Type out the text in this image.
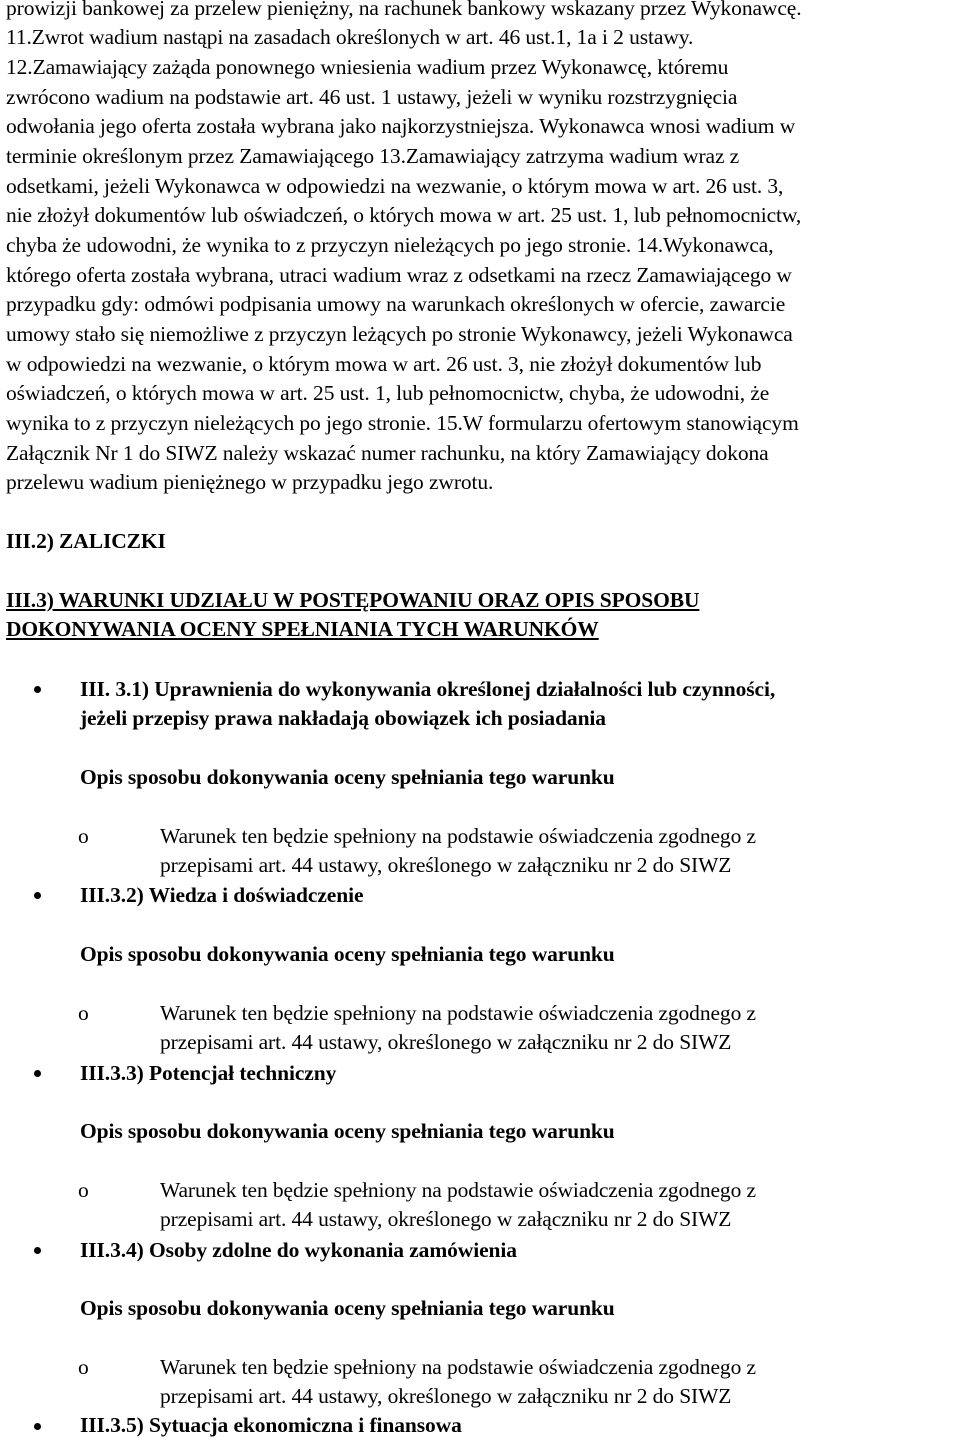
prowizji bankowej za przelew pieniężny, na rachunek bankowy wskazany przez Wykonawcę.
11.Zwrot wadium nastąpi na zasadach określonych w art. 46 ust.1, 1a i 2 ustawy.
12.Zamawiający zażąda ponownego wniesienia wadium przez Wykonawcę, któremu
zwrócono wadium na podstawie art. 46 ust. 1 ustawy, jeżeli w wyniku rozstrzygnięcia
odwołania jego oferta została wybrana jako najkorzystniejsza. Wykonawca wnosi wadium w
terminie określonym przez Zamawiającego 13.Zamawiający zatrzyma wadium wraz z
odsetkami, jeżeli Wykonawca w odpowiedzi na wezwanie, o którym mowa w art. 26 ust. 3,
nie złożył dokumentów lub oświadczeń, o których mowa w art. 25 ust. 1, lub pełnomocnictw,
chyba że udowodni, że wynika to z przyczyn nieleżących po jego stronie. 14.Wykonawca,
którego oferta została wybrana, utraci wadium wraz z odsetkami na rzecz Zamawiającego w
przypadku gdy: odmówi podpisania umowy na warunkach określonych w ofercie, zawarcie
umowy stało się niemożliwe z przyczyn leżących po stronie Wykonawcy, jeżeli Wykonawca
w odpowiedzi na wezwanie, o którym mowa w art. 26 ust. 3, nie złożył dokumentów lub
oświadczeń, o których mowa w art. 25 ust. 1, lub pełnomocnictw, chyba, że udowodni, że
wynika to z przyczyn nieleżących po jego stronie. 15.W formularzu ofertowym stanowiącym
Załącznik Nr 1 do SIWZ należy wskazać numer rachunku, na który Zamawiający dokona
przelewu wadium pieniężnego w przypadku jego zwrotu.
III.2) ZALICZKI
III.3) WARUNKI UDZIAŁU W POSTĘPOWANIU ORAZ OPIS SPOSOBU
DOKONYWANIA OCENY SPEŁNIANIA TYCH WARUNKÓW
III. 3.1) Uprawnienia do wykonywania określonej działalności lub czynności,
jeżeli przepisy prawa nakładają obowiązek ich posiadania
Opis sposobu dokonywania oceny spełniania tego warunku
o	Warunek ten będzie spełniony na podstawie oświadczenia zgodnego z
przepisami art. 44 ustawy, określonego w załączniku nr 2 do SIWZ
III.3.2) Wiedza i doświadczenie
Opis sposobu dokonywania oceny spełniania tego warunku
o	Warunek ten będzie spełniony na podstawie oświadczenia zgodnego z
przepisami art. 44 ustawy, określonego w załączniku nr 2 do SIWZ
III.3.3) Potencjał techniczny
Opis sposobu dokonywania oceny spełniania tego warunku
o	Warunek ten będzie spełniony na podstawie oświadczenia zgodnego z
przepisami art. 44 ustawy, określonego w załączniku nr 2 do SIWZ
III.3.4) Osoby zdolne do wykonania zamówienia
Opis sposobu dokonywania oceny spełniania tego warunku
o	Warunek ten będzie spełniony na podstawie oświadczenia zgodnego z
przepisami art. 44 ustawy, określonego w załączniku nr 2 do SIWZ
III.3.5) Sytuacja ekonomiczna i finansowa
